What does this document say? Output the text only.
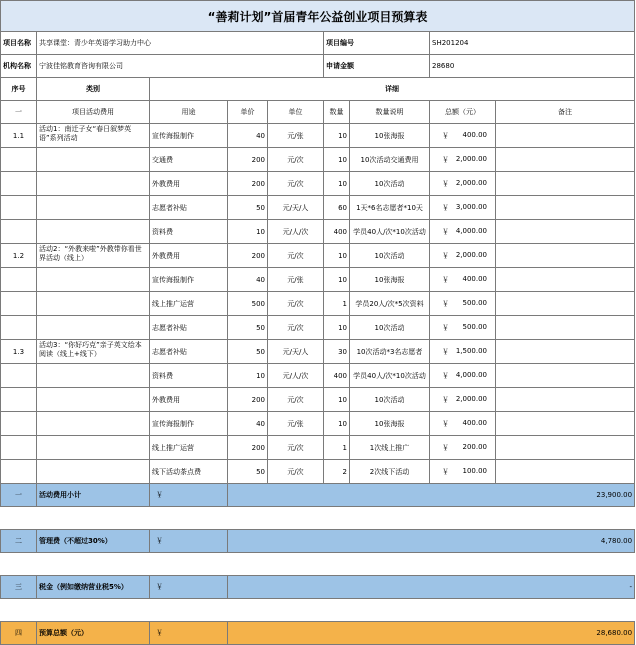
“善莉计划”首届青年公益创业项目预算表								
项目名称	共享课堂：青少年英语学习助力中心				项目编号		SH201204	
机构名称	宁波佳铭教育咨询有限公司				申请金额		28680	
序号	类别	详细						
一	项目活动费用	用途	单价	单位	数量	数量说明	总额（元）	备注
1.1	活动1：南迁子女“春日叙梦英语”系列活动	宣传海报制作	40	元/张	10	10张海报	￥ 400.00	

		交通费	200	元/次	10	10次活动交通费用	￥ 2,000.00	

		外教费用	200	元/次	10	10次活动	￥ 2,000.00	

		志愿者补贴	50	元/天/人	60	1天*6名志愿者*10天	￥ 3,000.00	

		资料费	10	元/人/次	400	学员40人/次*10次活动	￥ 4,000.00	

1.2	活动2：“外教来啦”外教带你看世界活动（线上）	外教费用	200	元/次	10	10次活动	￥ 2,000.00	

		宣传海报制作	40	元/张	10	10张海报	￥ 400.00	

		线上推广运营	500	元/次	1	学员20人/次*5次资料	￥ 500.00	

		志愿者补贴	50	元/次	10	10次活动	￥ 500.00	

1.3	活动3：“你好巧克”亲子英文绘本阅读（线上+线下）	志愿者补贴	50	元/天/人	30	10次活动*3名志愿者	￥ 1,500.00	

		资料费	10	元/人/次	400	学员40人/次*10次活动	￥ 4,000.00	

		外教费用	200	元/次	10	10次活动	￥ 2,000.00	

		宣传海报制作	40	元/张	10	10张海报	￥ 400.00	

		线上推广运营	200	元/次	1	1次线上推广	￥ 200.00	

		线下活动茶点费	50	元/次	2	2次线下活动	￥ 100.00	

一	活动费用小计	￥	23,900.00					

二	管理费（不超过30%）	￥	4,780.00					

三	税金（例如缴纳营业税5%）	￥	-					

四	预算总额（元）	￥	28,680.00					
